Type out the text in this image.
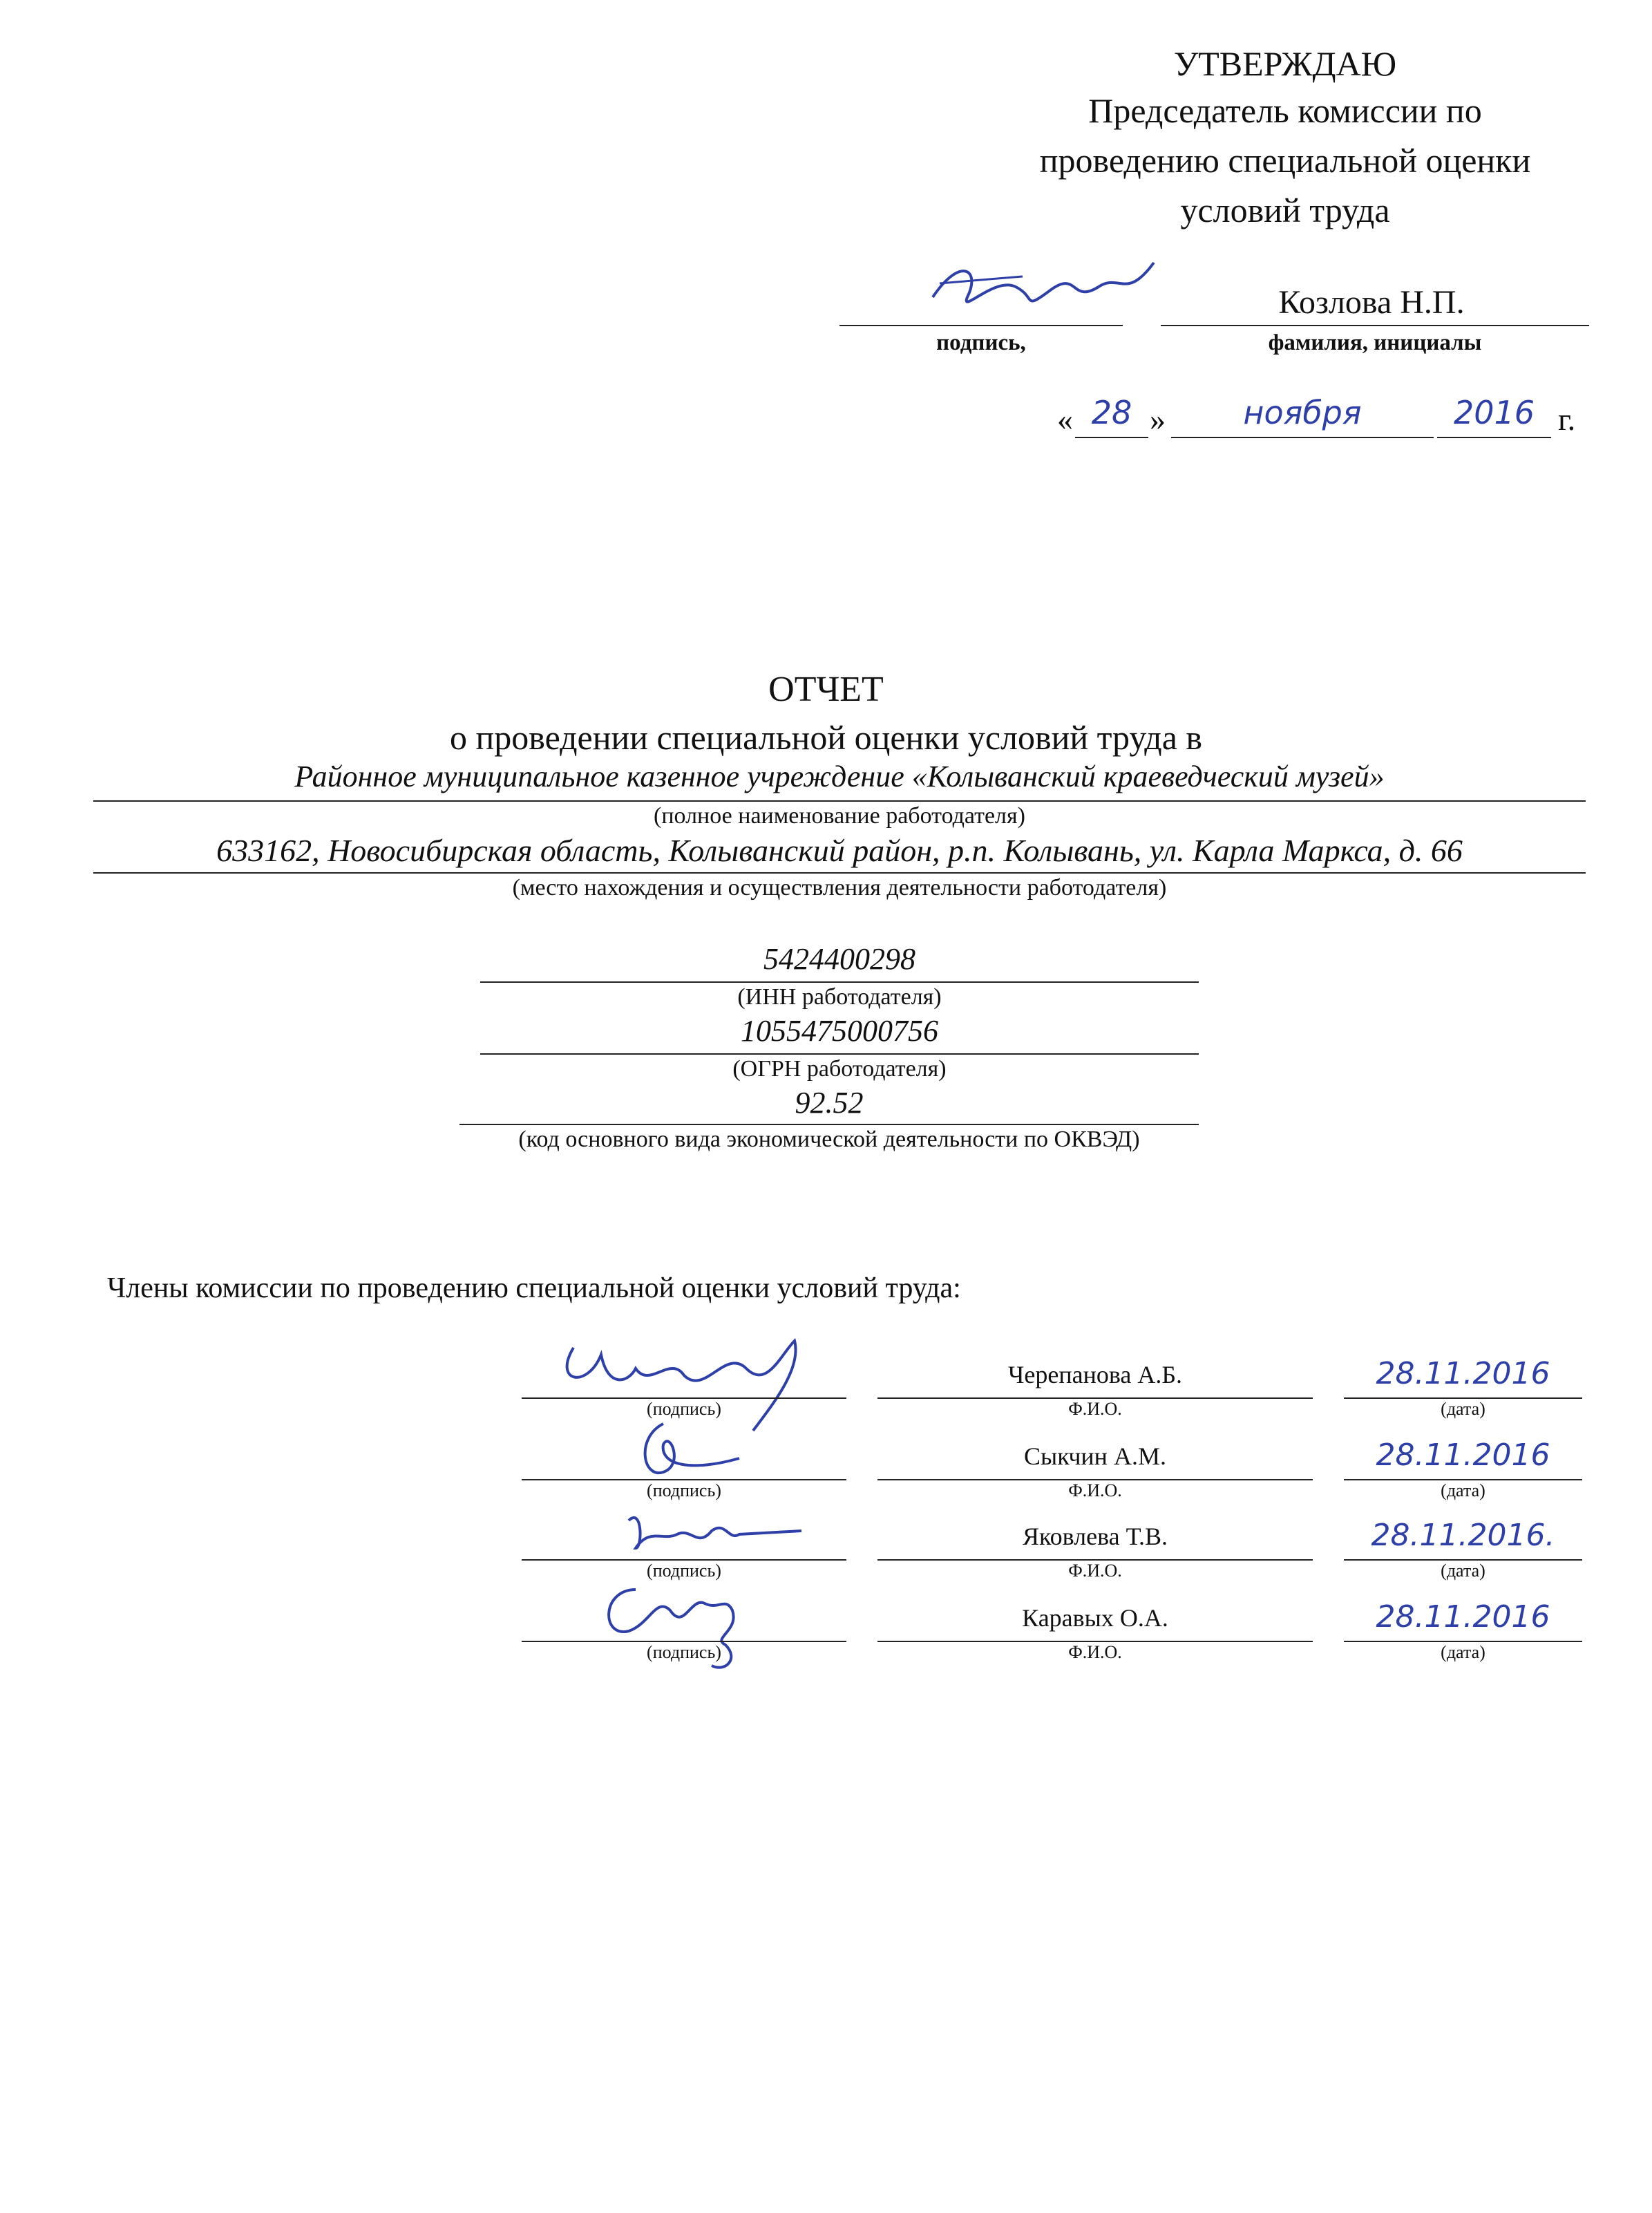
УТВЕРЖДАЮ
Председатель комиссии по
проведению специальной оценки
условий труда
подпись,
Козлова Н.П.
фамилия, инициалы
« 28 »	ноября	2016 г.
ОТЧЕТ
о проведении специальной оценки условий труда в
Районное муниципальное казенное учреждение «Колыванский краеведческий музей»
(полное наименование работодателя)
633162, Новосибирская область, Колыванский район, р.п. Колывань, ул. Карла Маркса, д. 66
(место нахождения и осуществления деятельности работодателя)
5424400298
(ИНН работодателя)
1055475000756
(ОГРН работодателя)
92.52
(код основного вида экономической деятельности по ОКВЭД)
Члены комиссии по проведению специальной оценки условий труда:
(подпись)
Черепанова А.Б.
Ф.И.О.
28.11.2016
(дата)
(подпись)
Сыкчин А.М.
Ф.И.О.
28.11.2016
(дата)
(подпись)
Яковлева Т.В.
Ф.И.О.
28.11.2016.
(дата)
(подпись)
Каравых О.А.
Ф.И.О.
28.11.2016
(дата)
